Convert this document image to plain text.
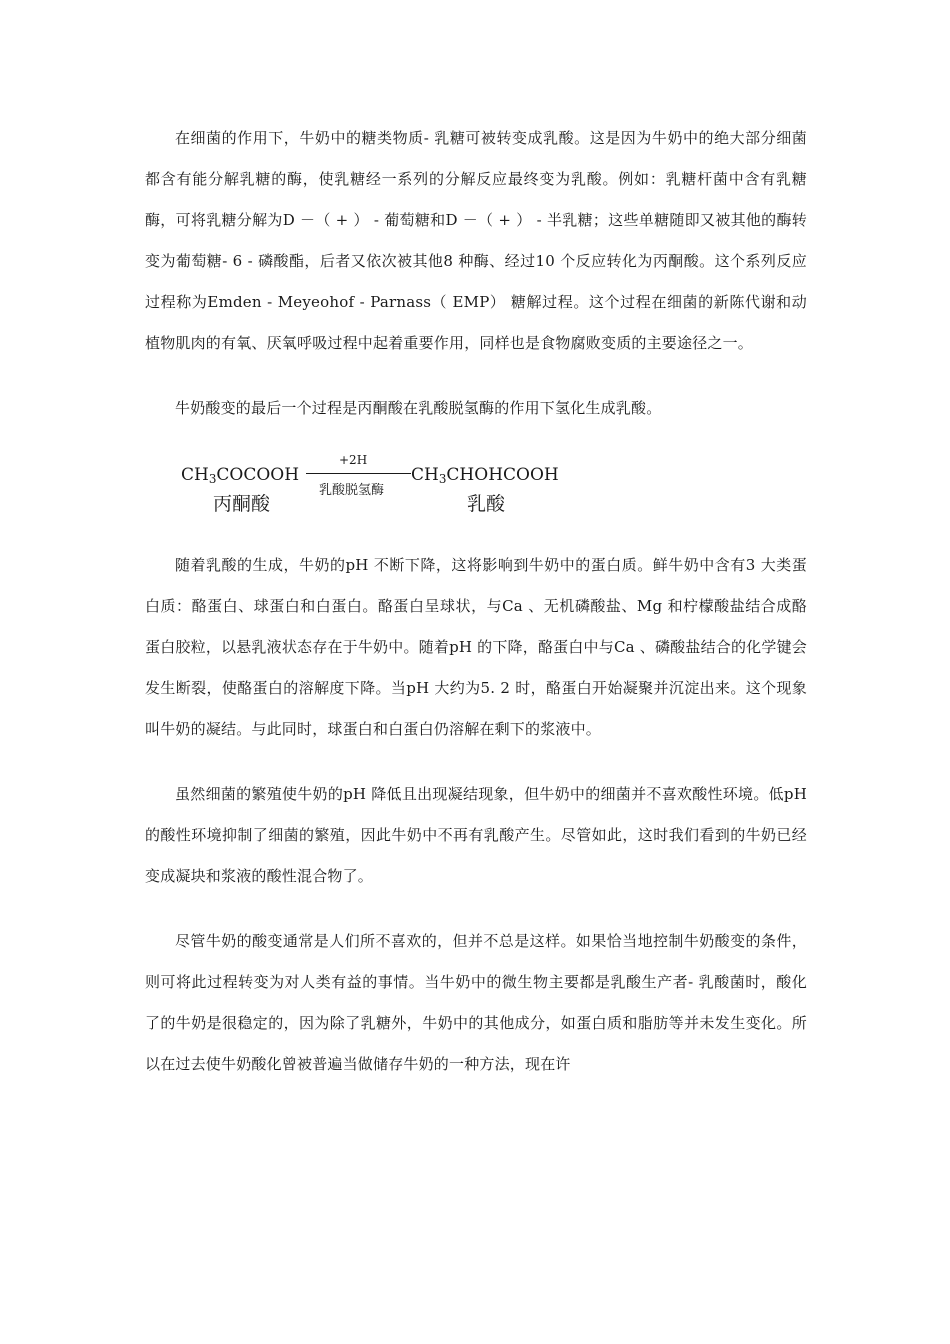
在细菌的作用下，牛奶中的糖类物质- 乳糖可被转变成乳酸。这是因为牛奶中的绝大部分细菌都含有能分解乳糖的酶，使乳糖经一系列的分解反应最终变为乳酸。例如：乳糖杆菌中含有乳糖酶，可将乳糖分解为D －（ + ） - 葡萄糖和D －（ + ） - 半乳糖；这些单糖随即又被其他的酶转变为葡萄糖- 6 - 磷酸酯，后者又依次被其他8 种酶、经过10 个反应转化为丙酮酸。这个系列反应过程称为Emden - Meyeohof - Parnass（ EMP） 糖解过程。这个过程在细菌的新陈代谢和动植物肌肉的有氧、厌氧呼吸过程中起着重要作用，同样也是食物腐败变质的主要途径之一。

牛奶酸变的最后一个过程是丙酮酸在乳酸脱氢酶的作用下氢化生成乳酸。

$CH_3COCOOH$
丙酮酸
+2H
乳酸脱氢酶
$CH_3CHOHCOOH$
乳酸

随着乳酸的生成，牛奶的pH 不断下降，这将影响到牛奶中的蛋白质。鲜牛奶中含有3 大类蛋白质：酪蛋白、球蛋白和白蛋白。酪蛋白呈球状，与Ca 、无机磷酸盐、Mg 和柠檬酸盐结合成酪蛋白胶粒，以悬乳液状态存在于牛奶中。随着pH 的下降，酪蛋白中与Ca 、磷酸盐结合的化学键会发生断裂，使酪蛋白的溶解度下降。当pH 大约为5. 2 时，酪蛋白开始凝聚并沉淀出来。这个现象叫牛奶的凝结。与此同时，球蛋白和白蛋白仍溶解在剩下的浆液中。

虽然细菌的繁殖使牛奶的pH 降低且出现凝结现象，但牛奶中的细菌并不喜欢酸性环境。低pH 的酸性环境抑制了细菌的繁殖，因此牛奶中不再有乳酸产生。尽管如此，这时我们看到的牛奶已经变成凝块和浆液的酸性混合物了。

尽管牛奶的酸变通常是人们所不喜欢的，但并不总是这样。如果恰当地控制牛奶酸变的条件，则可将此过程转变为对人类有益的事情。当牛奶中的微生物主要都是乳酸生产者- 乳酸菌时，酸化了的牛奶是很稳定的，因为除了乳糖外，牛奶中的其他成分，如蛋白质和脂肪等并未发生变化。所以在过去使牛奶酸化曾被普遍当做储存牛奶的一种方法，现在许
